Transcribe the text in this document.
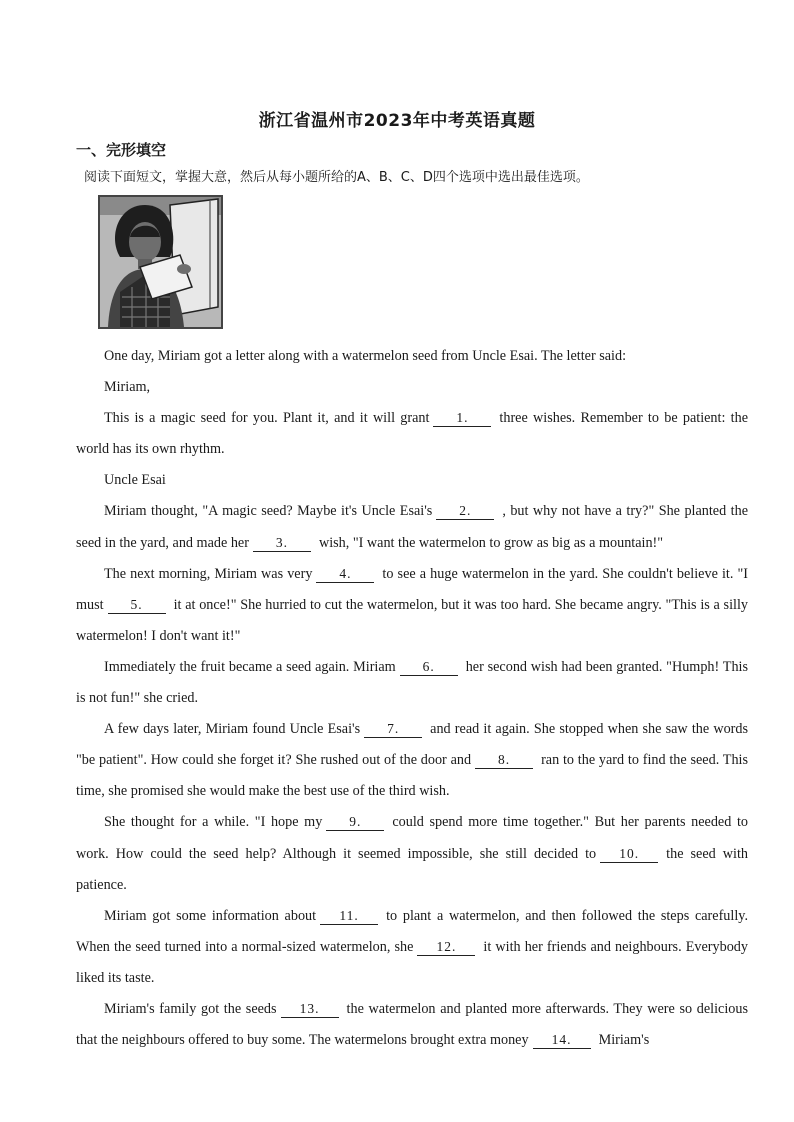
浙江省温州市2023年中考英语真题
一、完形填空
阅读下面短文，掌握大意，然后从每小题所给的A、B、C、D四个选项中选出最佳选项。

One day, Miriam got a letter along with a watermelon seed from Uncle Esai. The letter said:

Miriam,

This is a magic seed for you. Plant it, and it will grant 1. three wishes. Remember to be patient: the world has its own rhythm.

Uncle Esai

Miriam thought, "A magic seed? Maybe it's Uncle Esai's 2. , but why not have a try?" She planted the seed in the yard, and made her 3. wish, "I want the watermelon to grow as big as a mountain!"

The next morning, Miriam was very 4. to see a huge watermelon in the yard. She couldn't believe it. "I must 5. it at once!" She hurried to cut the watermelon, but it was too hard. She became angry. "This is a silly watermelon! I don't want it!"

Immediately the fruit became a seed again. Miriam 6. her second wish had been granted. "Humph! This is not fun!" she cried.

A few days later, Miriam found Uncle Esai's 7. and read it again. She stopped when she saw the words "be patient". How could she forget it? She rushed out of the door and 8. ran to the yard to find the seed. This time, she promised she would make the best use of the third wish.

She thought for a while. "I hope my 9. could spend more time together." But her parents needed to work. How could the seed help? Although it seemed impossible, she still decided to 10. the seed with patience.

Miriam got some information about 11. to plant a watermelon, and then followed the steps carefully. When the seed turned into a normal-sized watermelon, she 12. it with her friends and neighbours. Everybody liked its taste.

Miriam's family got the seeds 13. the watermelon and planted more afterwards. They were so delicious that the neighbours offered to buy some. The watermelons brought extra money 14. Miriam's
